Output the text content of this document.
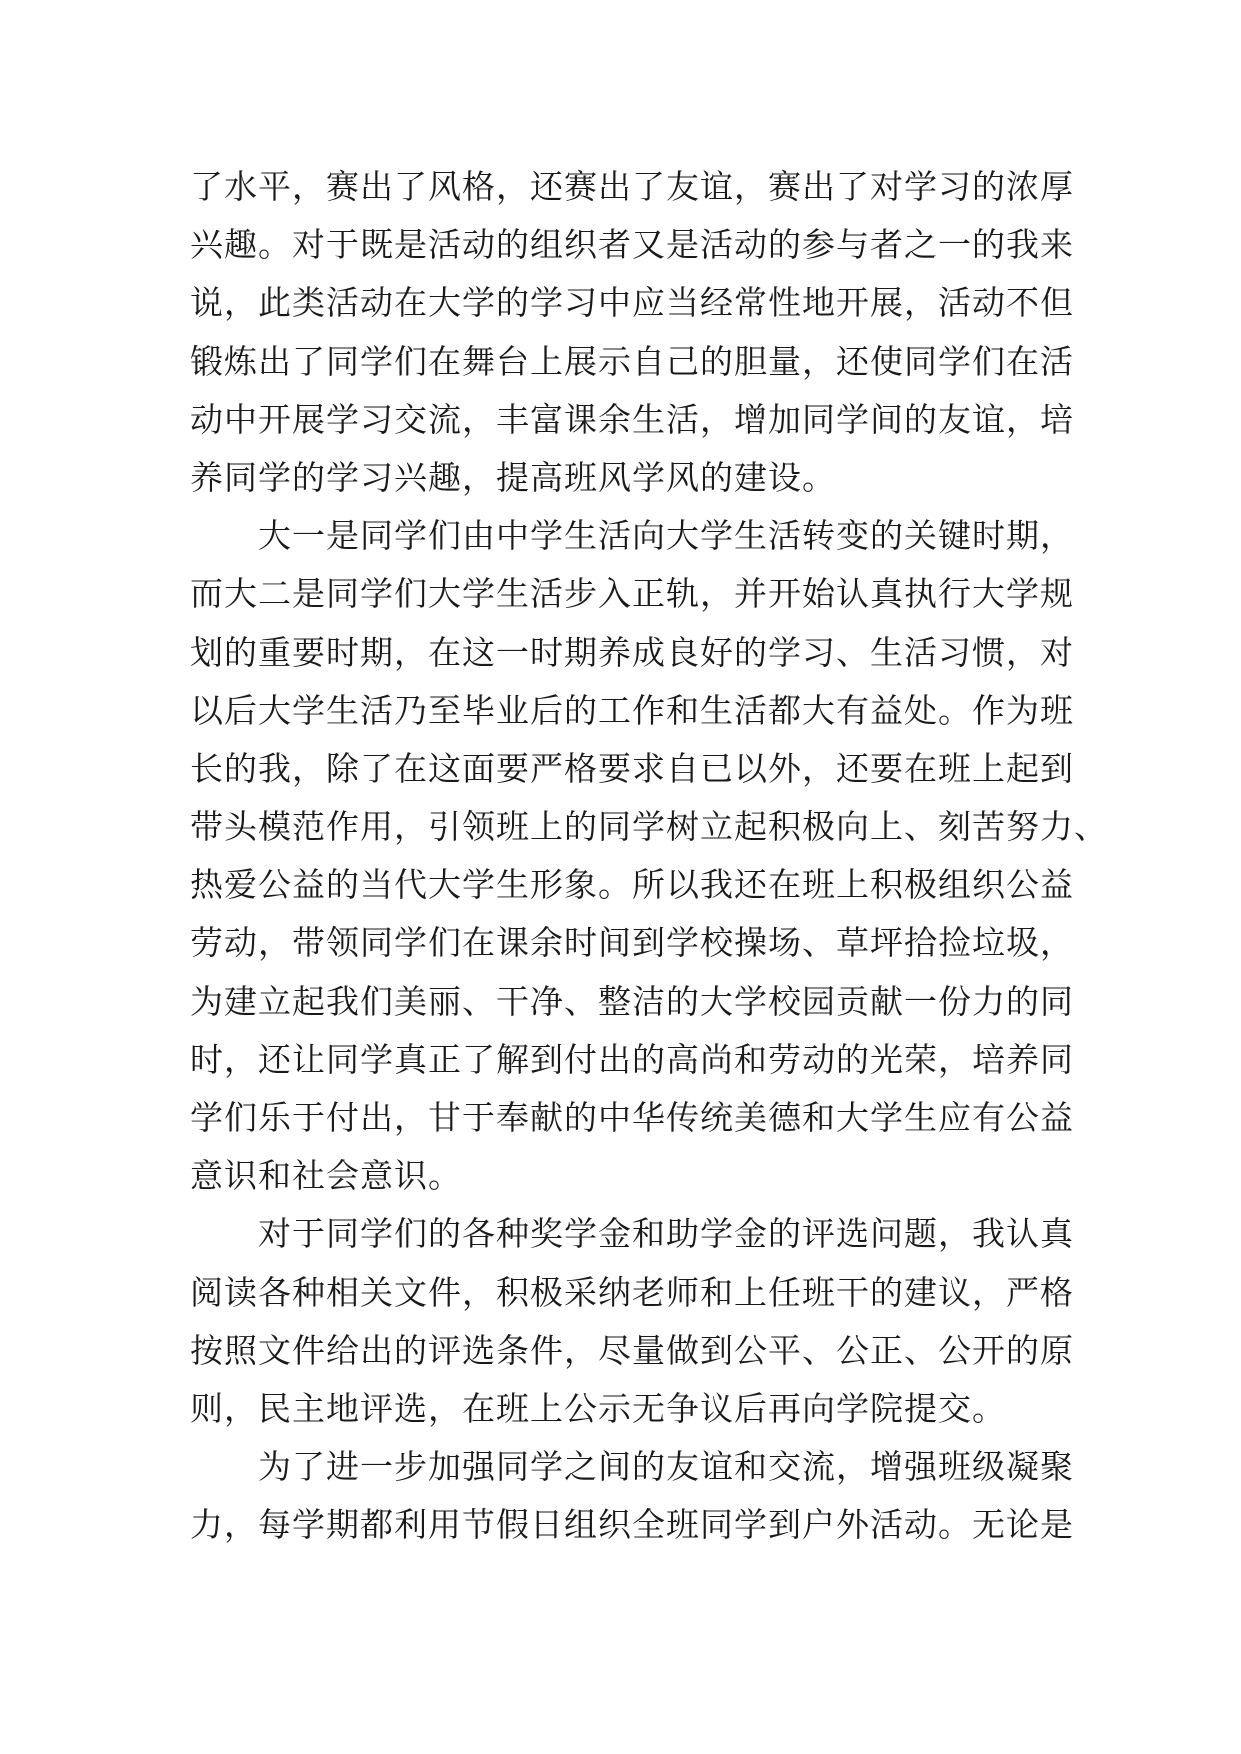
了水平，赛出了风格，还赛出了友谊，赛出了对学习的浓厚
兴趣。对于既是活动的组织者又是活动的参与者之一的我来
说，此类活动在大学的学习中应当经常性地开展，活动不但
锻炼出了同学们在舞台上展示自己的胆量，还使同学们在活
动中开展学习交流，丰富课余生活，增加同学间的友谊，培
养同学的学习兴趣，提高班风学风的建设。
大一是同学们由中学生活向大学生活转变的关键时期，
而大二是同学们大学生活步入正轨，并开始认真执行大学规
划的重要时期，在这一时期养成良好的学习、生活习惯，对
以后大学生活乃至毕业后的工作和生活都大有益处。作为班
长的我，除了在这面要严格要求自已以外，还要在班上起到
带头模范作用，引领班上的同学树立起积极向上、刻苦努力、
热爱公益的当代大学生形象。所以我还在班上积极组织公益
劳动，带领同学们在课余时间到学校操场、草坪拾捡垃圾，
为建立起我们美丽、干净、整洁的大学校园贡献一份力的同
时，还让同学真正了解到付出的高尚和劳动的光荣，培养同
学们乐于付出，甘于奉献的中华传统美德和大学生应有公益
意识和社会意识。
对于同学们的各种奖学金和助学金的评选问题，我认真
阅读各种相关文件，积极采纳老师和上任班干的建议，严格
按照文件给出的评选条件，尽量做到公平、公正、公开的原
则，民主地评选，在班上公示无争议后再向学院提交。
为了进一步加强同学之间的友谊和交流，增强班级凝聚
力，每学期都利用节假日组织全班同学到户外活动。无论是
